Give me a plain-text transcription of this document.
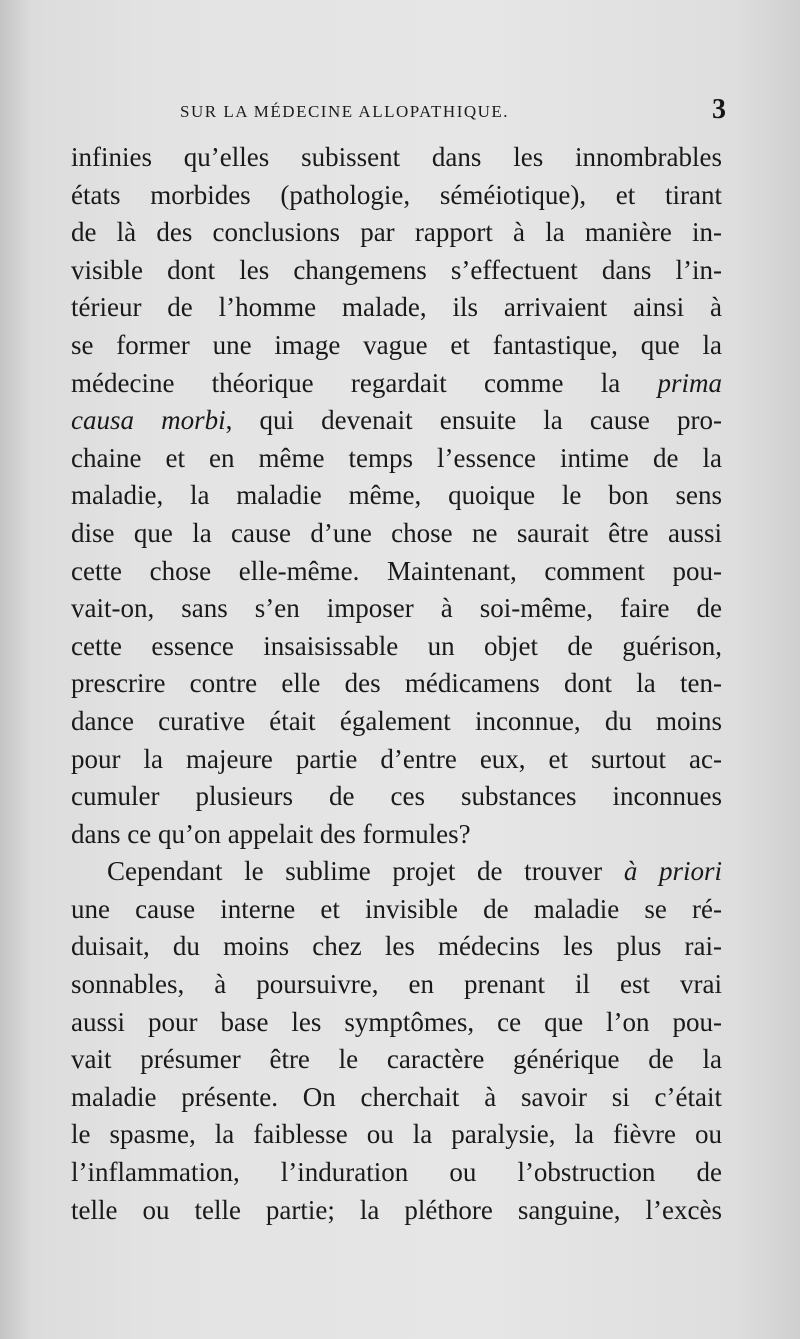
SUR LA MÉDECINE ALLOPATHIQUE.	3
infinies qu’elles subissent dans les innombrables
états morbides (pathologie, séméiotique), et tirant
de là des conclusions par rapport à la manière in-
visible dont les changemens s’effectuent dans l’in-
térieur de l’homme malade, ils arrivaient ainsi à
se former une image vague et fantastique, que la
médecine théorique regardait comme la prima
causa morbi, qui devenait ensuite la cause pro-
chaine et en même temps l’essence intime de la
maladie, la maladie même, quoique le bon sens
dise que la cause d’une chose ne saurait être aussi
cette chose elle-même. Maintenant, comment pou-
vait-on, sans s’en imposer à soi-même, faire de
cette essence insaisissable un objet de guérison,
prescrire contre elle des médicamens dont la ten-
dance curative était également inconnue, du moins
pour la majeure partie d’entre eux, et surtout ac-
cumuler plusieurs de ces substances inconnues
dans ce qu’on appelait des formules?
Cependant le sublime projet de trouver à priori
une cause interne et invisible de maladie se ré-
duisait, du moins chez les médecins les plus rai-
sonnables, à poursuivre, en prenant il est vrai
aussi pour base les symptômes, ce que l’on pou-
vait présumer être le caractère générique de la
maladie présente. On cherchait à savoir si c’était
le spasme, la faiblesse ou la paralysie, la fièvre ou
l’inflammation, l’induration ou l’obstruction de
telle ou telle partie; la pléthore sanguine, l’excès
